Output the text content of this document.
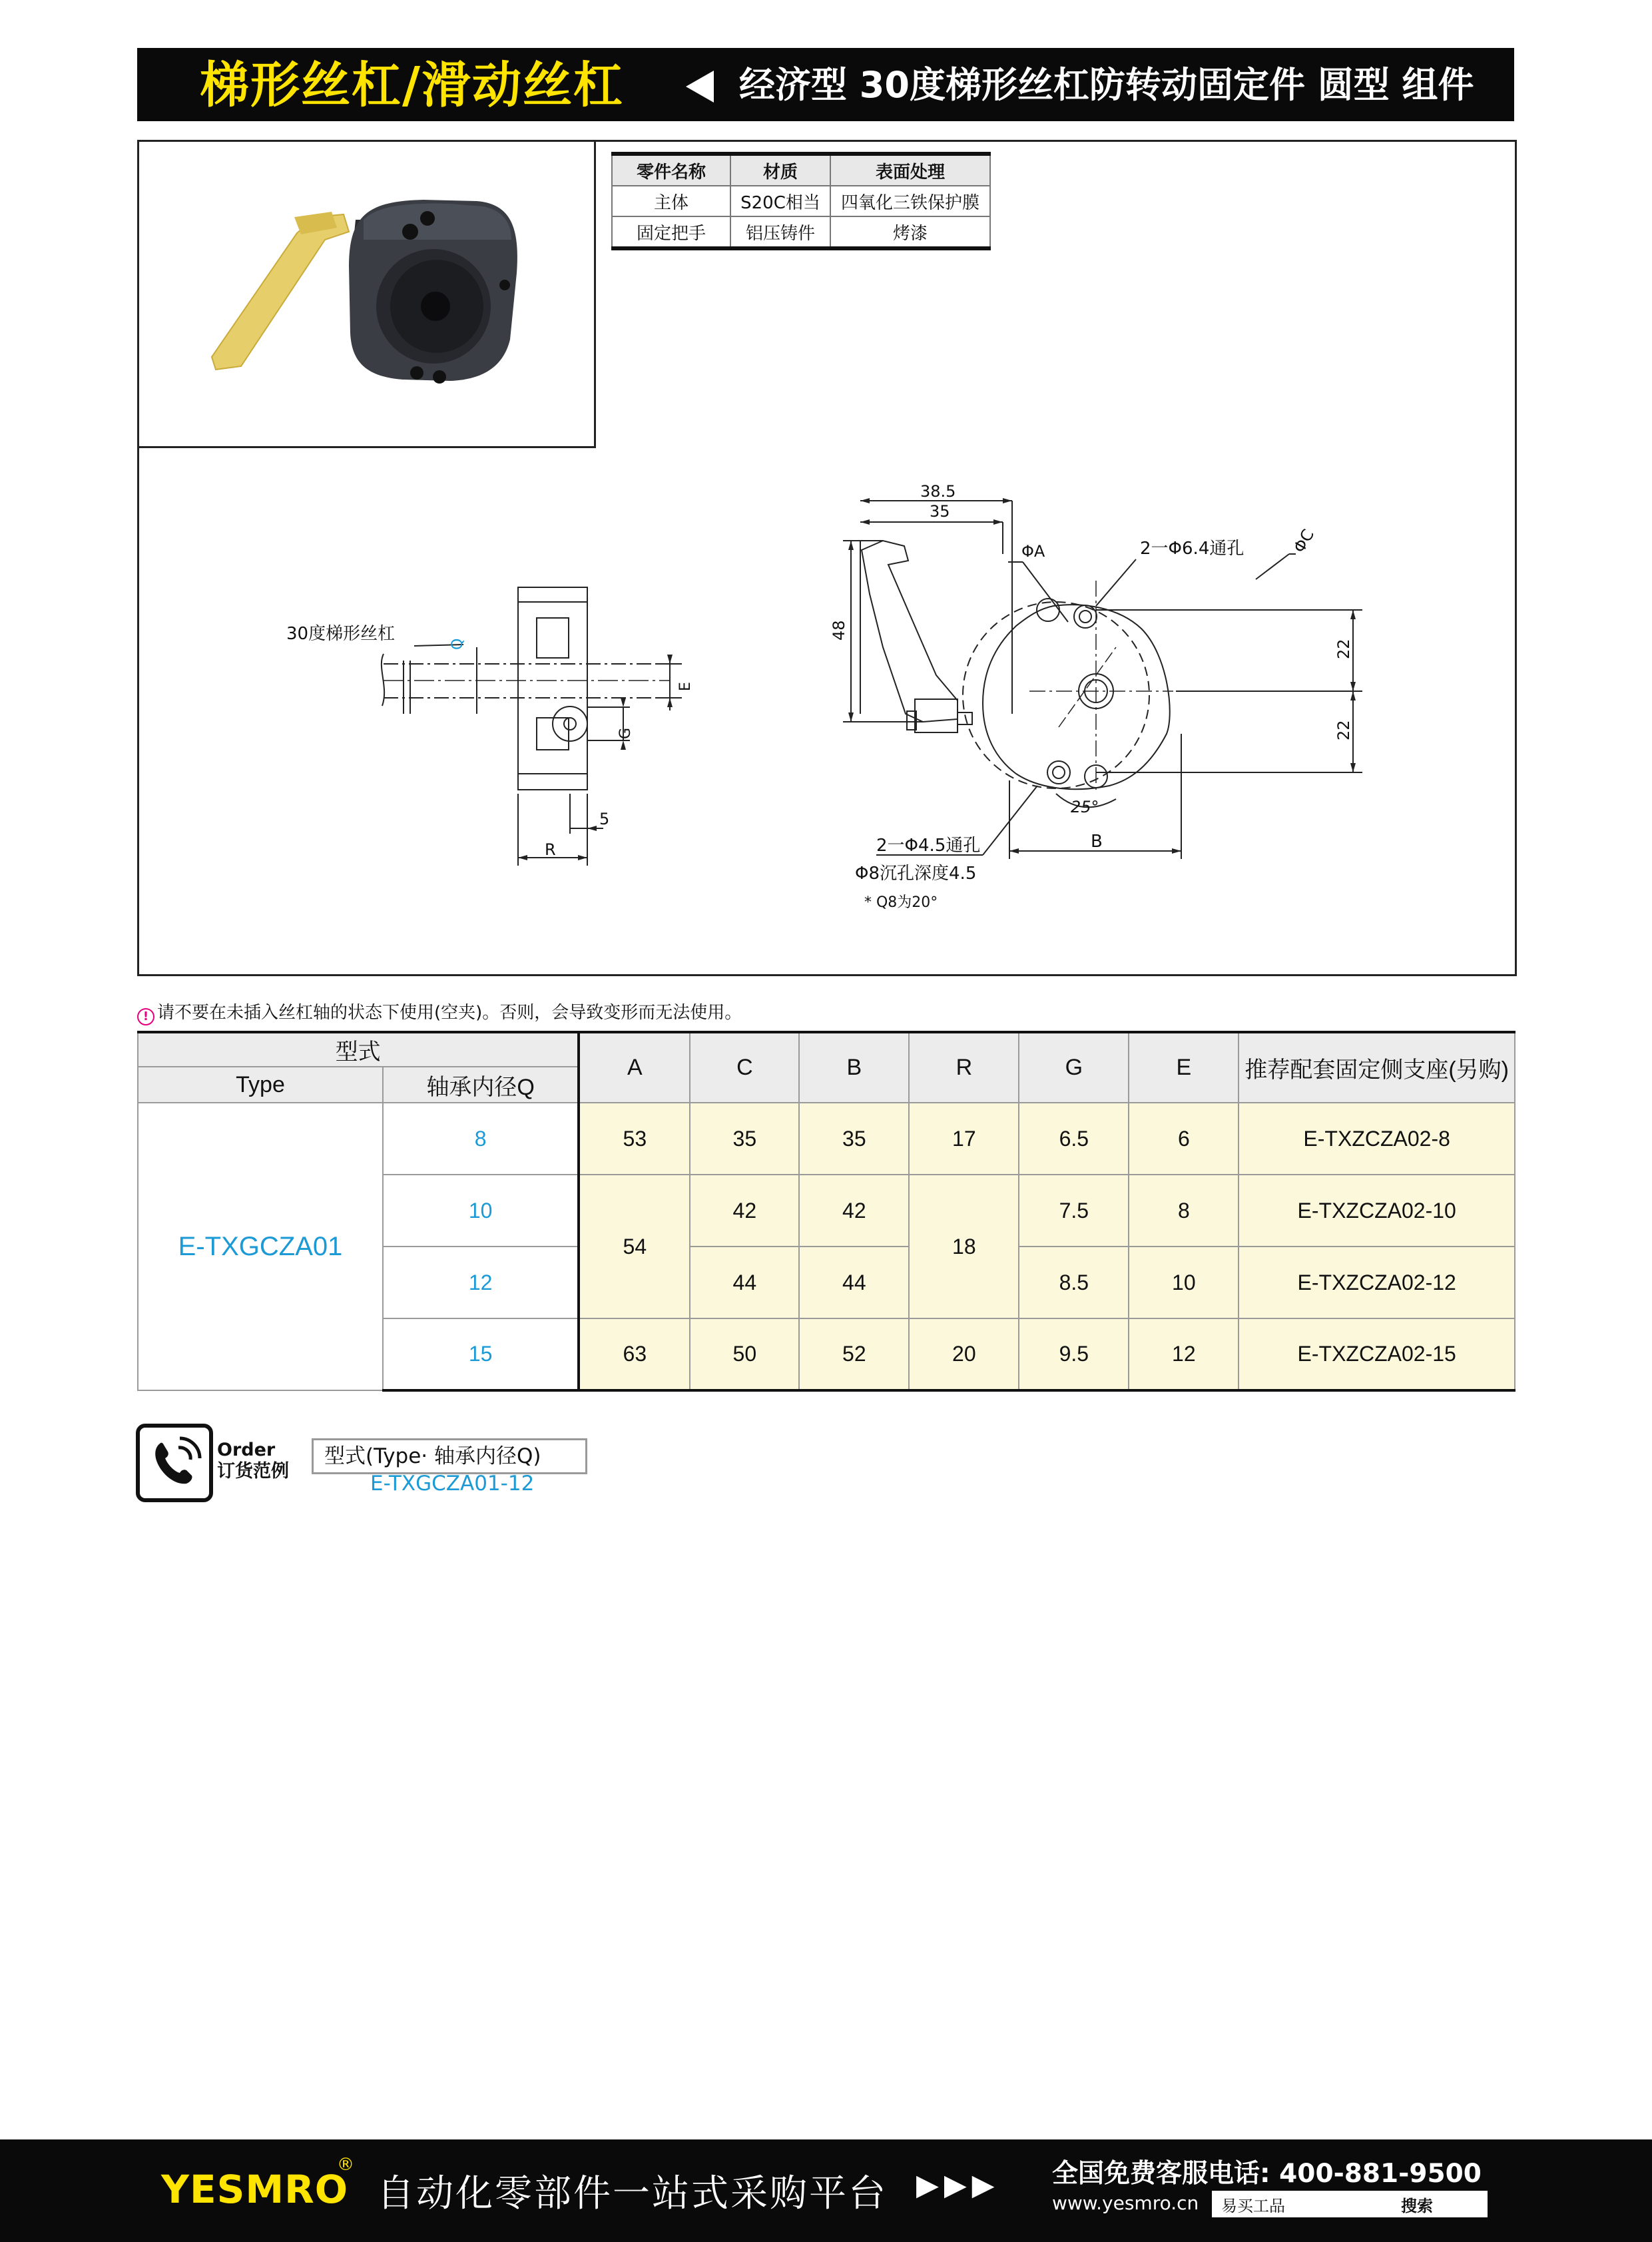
梯形丝杠/滑动丝杠	经济型 30度梯形丝杠防转动固定件 圆型 组件
零件名称	材质	表面处理
主体	S20C相当	四氧化三铁保护膜
固定把手	铝压铸件	烤漆
30度梯形丝杠
Q
E
G
R
5
38.5
35
48
ΦA	ΦC
2一Φ6.4通孔
22
22
25°
B
2一Φ4.5通孔
Φ8沉孔深度4.5
* Q8为20°
! 请不要在未插入丝杠轴的状态下使用(空夹)。否则，会导致变形而无法使用。
型式		A	C	B	R	G	E	推荐配套固定侧支座(另购)
Type	轴承内径Q							
E-TXGCZA01	8	53	35	35	17	6.5	6	E-TXZCZA02-8
	10	54	42	42	18	7.5	8	E-TXZCZA02-10
	12		44	44		8.5	10	E-TXZCZA02-12
	15	63	50	52	20	9.5	12	E-TXZCZA02-15
Order
订货范例
型式(Type· 轴承内径Q)
E-TXGCZA01-12
YESMRO
®
自动化零部件一站式采购平台 ▶▶▶ 全国免费客服电话: 400-881-9500
www.yesmro.cn 易买工品	搜索
